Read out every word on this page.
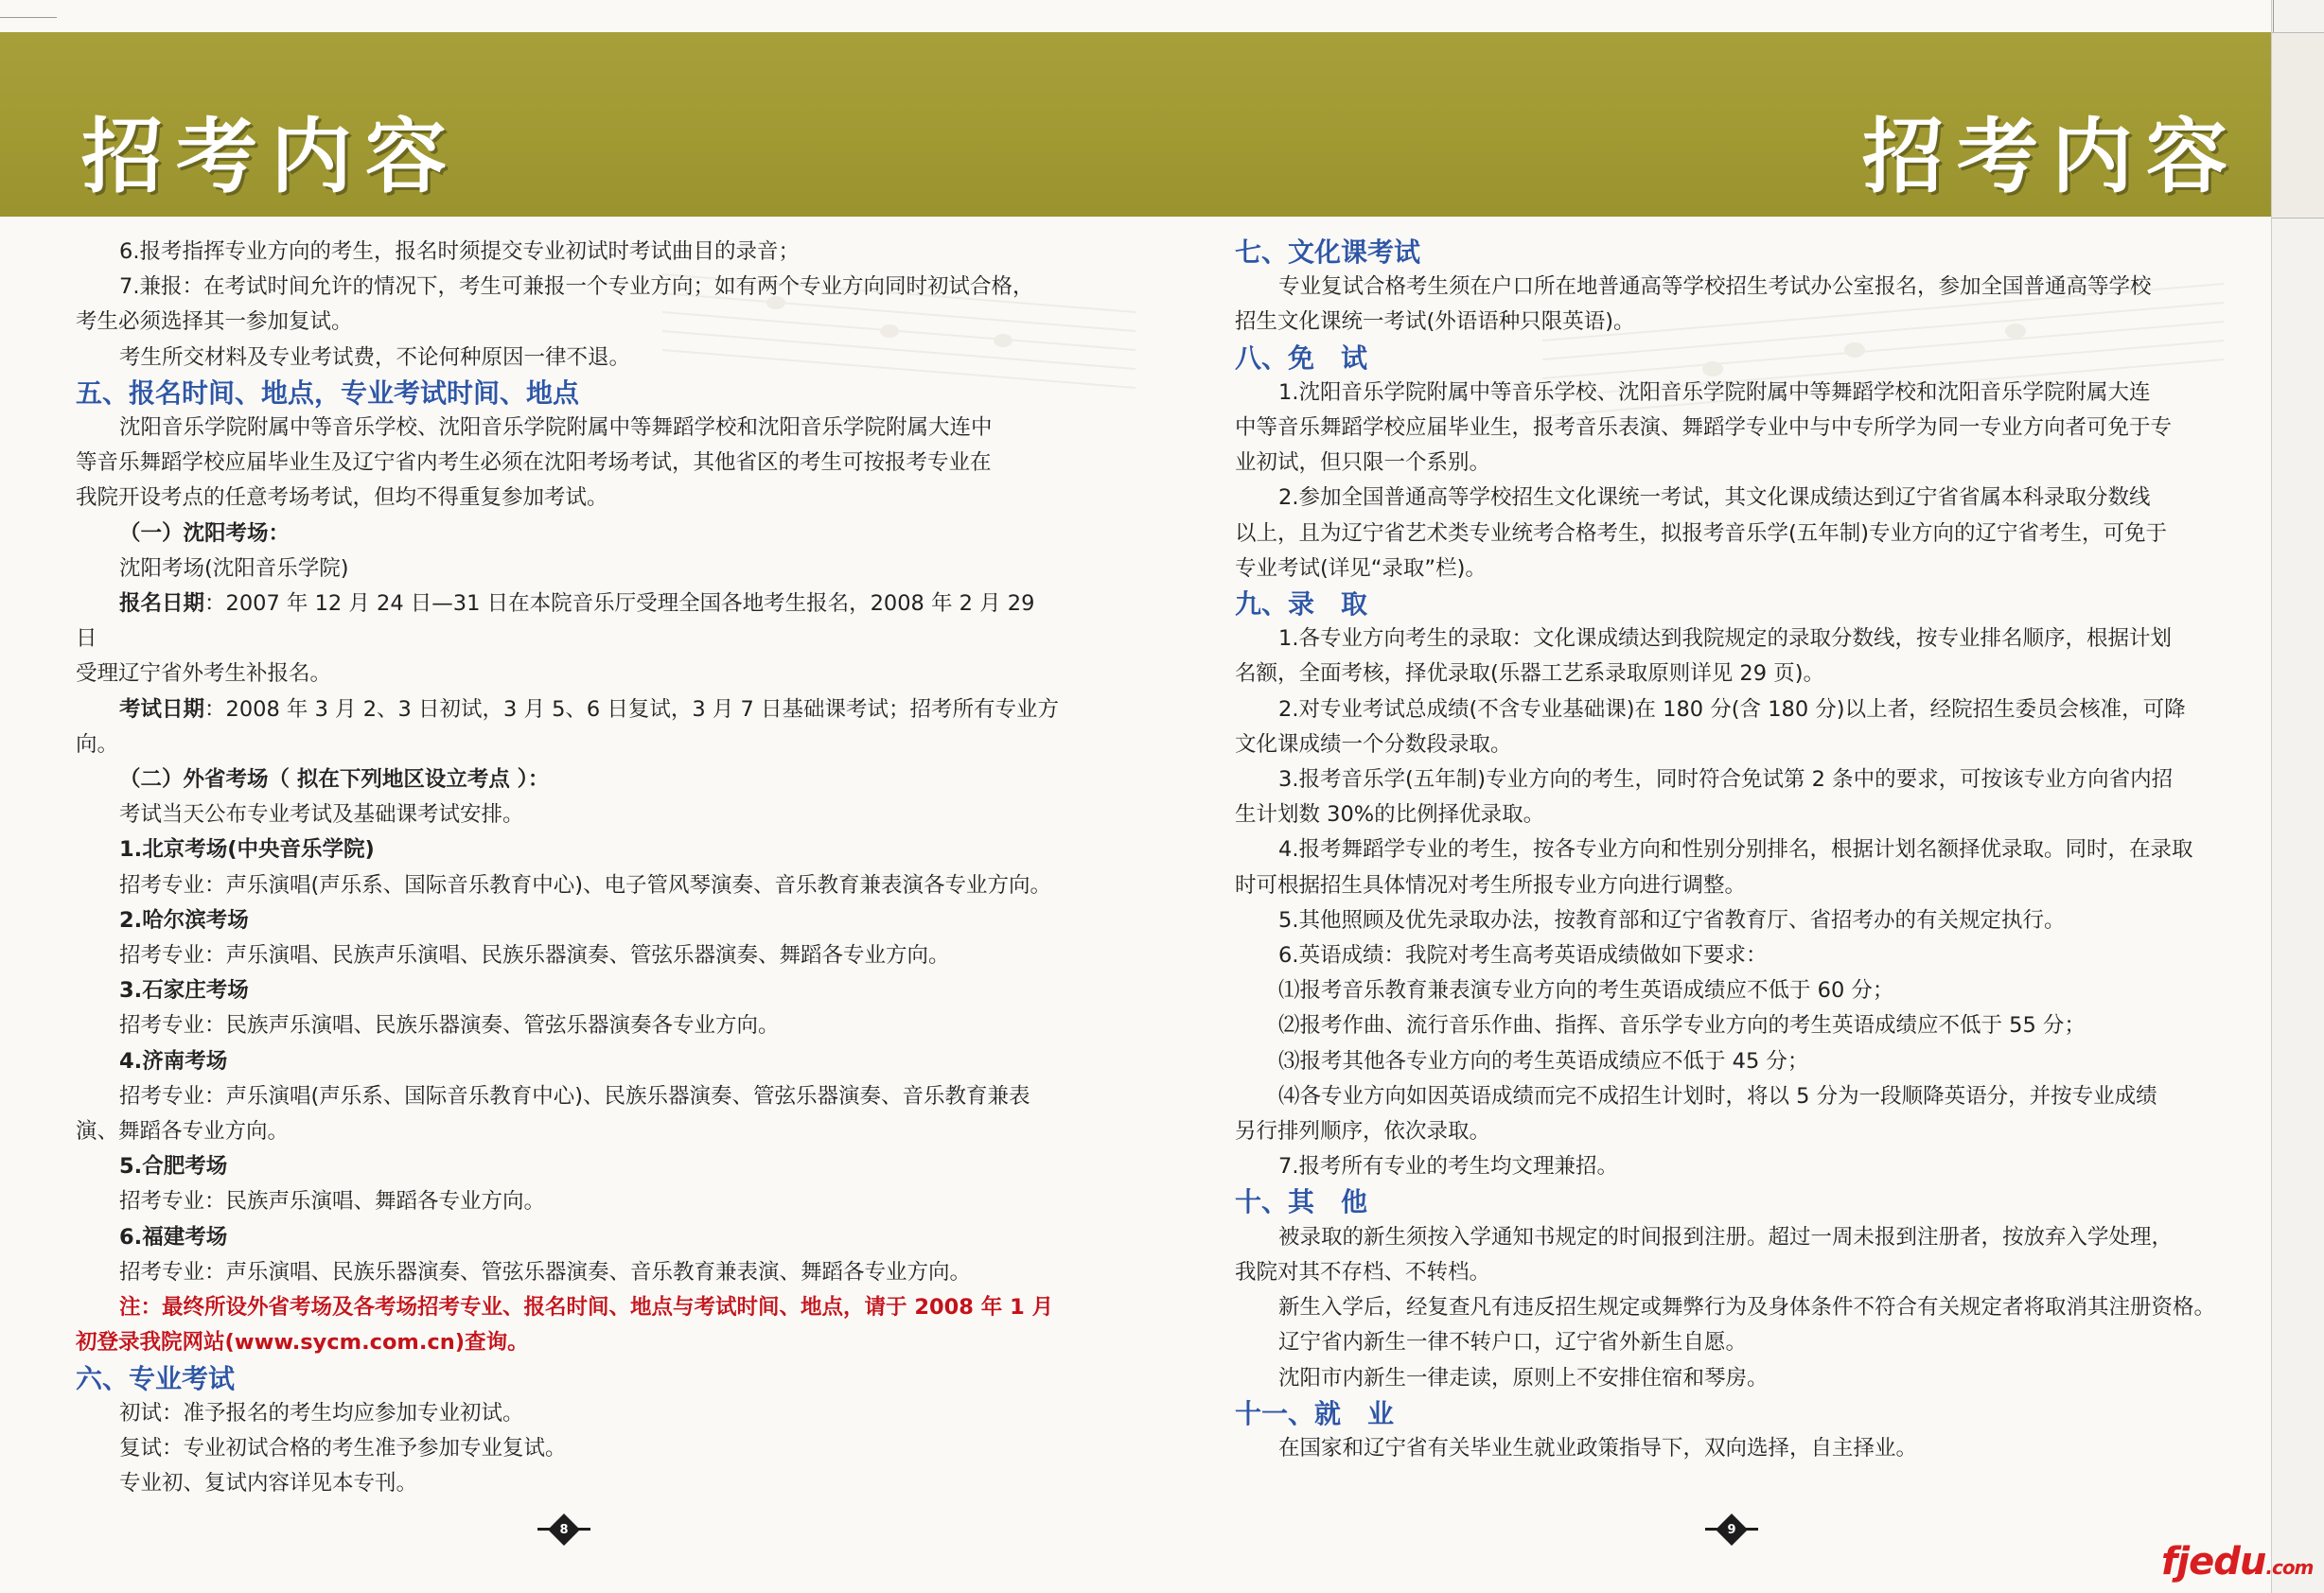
招考内容

6.报考指挥专业方向的考生，报名时须提交专业初试时考试曲目的录音；

7.兼报：在考试时间允许的情况下，考生可兼报一个专业方向；如有两个专业方向同时初试合格，

考生必须选择其一参加复试。

考生所交材料及专业考试费，不论何种原因一律不退。

五、报名时间、地点，专业考试时间、地点

沈阳音乐学院附属中等音乐学校、沈阳音乐学院附属中等舞蹈学校和沈阳音乐学院附属大连中

等音乐舞蹈学校应届毕业生及辽宁省内考生必须在沈阳考场考试，其他省区的考生可按报考专业在

我院开设考点的任意考场考试，但均不得重复参加考试。

（一）沈阳考场：

沈阳考场(沈阳音乐学院)

报名日期：2007 年 12 月 24 日—31 日在本院音乐厅受理全国各地考生报名，2008 年 2 月 29 日

受理辽宁省外考生补报名。

考试日期：2008 年 3 月 2、3 日初试，3 月 5、6 日复试，3 月 7 日基础课考试；招考所有专业方向。

（二）外省考场（ 拟在下列地区设立考点 ）：

考试当天公布专业考试及基础课考试安排。

1.北京考场(中央音乐学院)

招考专业：声乐演唱(声乐系、国际音乐教育中心)、电子管风琴演奏、音乐教育兼表演各专业方向。

2.哈尔滨考场

招考专业：声乐演唱、民族声乐演唱、民族乐器演奏、管弦乐器演奏、舞蹈各专业方向。

3.石家庄考场

招考专业：民族声乐演唱、民族乐器演奏、管弦乐器演奏各专业方向。

4.济南考场

招考专业：声乐演唱(声乐系、国际音乐教育中心)、民族乐器演奏、管弦乐器演奏、音乐教育兼表

演、舞蹈各专业方向。

5.合肥考场

招考专业：民族声乐演唱、舞蹈各专业方向。

6.福建考场

招考专业：声乐演唱、民族乐器演奏、管弦乐器演奏、音乐教育兼表演、舞蹈各专业方向。

注：最终所设外省考场及各考场招考专业、报名时间、地点与考试时间、地点，请于 2008 年 1 月

初登录我院网站(www.sycm.com.cn)查询。

六、专业考试

初试：准予报名的考生均应参加专业初试。

复试：专业初试合格的考生准予参加专业复试。

专业初、复试内容详见本专刊。

8
招考内容

七、文化课考试

专业复试合格考生须在户口所在地普通高等学校招生考试办公室报名，参加全国普通高等学校

招生文化课统一考试(外语语种只限英语)。

八、免　试

1.沈阳音乐学院附属中等音乐学校、沈阳音乐学院附属中等舞蹈学校和沈阳音乐学院附属大连

中等音乐舞蹈学校应届毕业生，报考音乐表演、舞蹈学专业中与中专所学为同一专业方向者可免于专

业初试，但只限一个系别。

2.参加全国普通高等学校招生文化课统一考试，其文化课成绩达到辽宁省省属本科录取分数线

以上，且为辽宁省艺术类专业统考合格考生，拟报考音乐学(五年制)专业方向的辽宁省考生，可免于

专业考试(详见“录取”栏)。

九、录　取

1.各专业方向考生的录取：文化课成绩达到我院规定的录取分数线，按专业排名顺序，根据计划

名额，全面考核，择优录取(乐器工艺系录取原则详见 29 页)。

2.对专业考试总成绩(不含专业基础课)在 180 分(含 180 分)以上者，经院招生委员会核准，可降

文化课成绩一个分数段录取。

3.报考音乐学(五年制)专业方向的考生，同时符合免试第 2 条中的要求，可按该专业方向省内招

生计划数 30%的比例择优录取。

4.报考舞蹈学专业的考生，按各专业方向和性别分别排名，根据计划名额择优录取。同时，在录取

时可根据招生具体情况对考生所报专业方向进行调整。

5.其他照顾及优先录取办法，按教育部和辽宁省教育厅、省招考办的有关规定执行。

6.英语成绩：我院对考生高考英语成绩做如下要求：

⑴报考音乐教育兼表演专业方向的考生英语成绩应不低于 60 分；

⑵报考作曲、流行音乐作曲、指挥、音乐学专业方向的考生英语成绩应不低于 55 分；

⑶报考其他各专业方向的考生英语成绩应不低于 45 分；

⑷各专业方向如因英语成绩而完不成招生计划时，将以 5 分为一段顺降英语分，并按专业成绩

另行排列顺序，依次录取。

7.报考所有专业的考生均文理兼招。

十、其　他

被录取的新生须按入学通知书规定的时间报到注册。超过一周未报到注册者，按放弃入学处理，

我院对其不存档、不转档。

新生入学后，经复查凡有违反招生规定或舞弊行为及身体条件不符合有关规定者将取消其注册资格。

辽宁省内新生一律不转户口，辽宁省外新生自愿。

沈阳市内新生一律走读，原则上不安排住宿和琴房。

十一、就　业

在国家和辽宁省有关毕业生就业政策指导下，双向选择，自主择业。

9
fjedu.com
